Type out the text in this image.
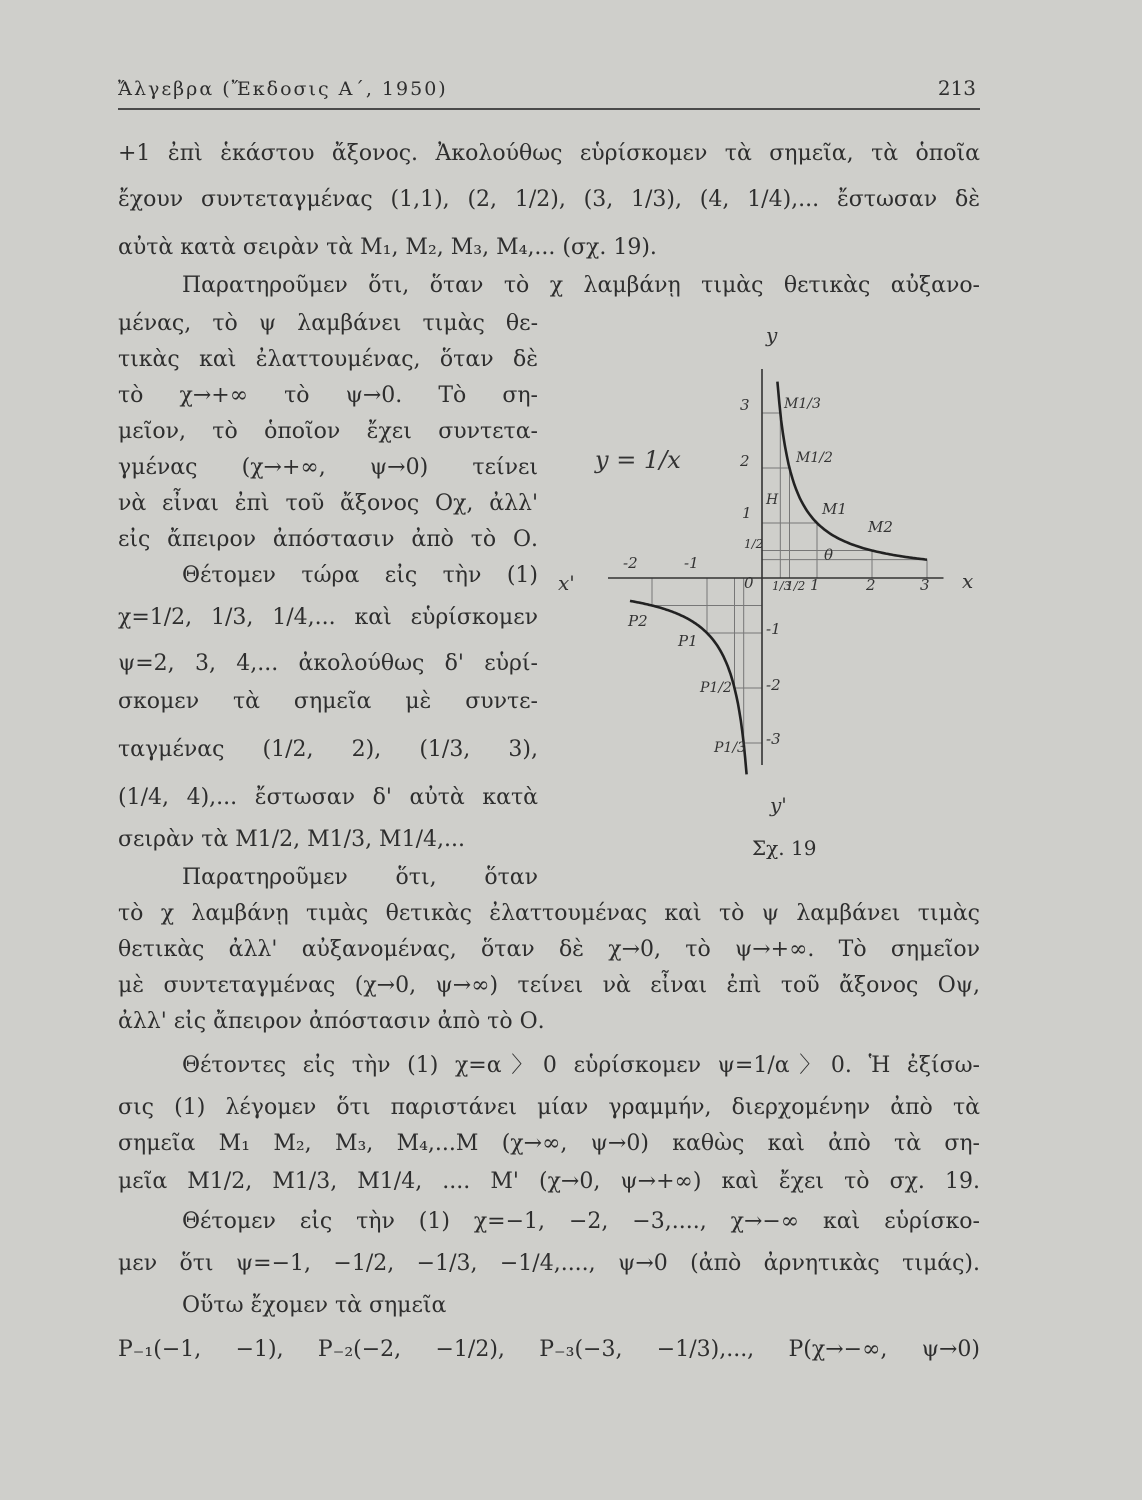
Ἄλγεβρα (Ἔκδοσις Α΄, 1950)	213
+1 ἐπὶ ἑκάστου ἄξονος. Ἀκολούθως εὑρίσκομεν τὰ σημεῖα, τὰ ὁποῖα
ἔχουν συντεταγμένας (1,1), (2, 1/2), (3, 1/3), (4, 1/4),... ἔστωσαν δὲ
αὐτὰ κατὰ σειρὰν τὰ M₁, M₂, M₃, M₄,... (σχ. 19).
Παρατηροῦμεν ὅτι, ὅταν τὸ χ λαμβάνῃ τιμὰς θετικὰς αὐξανο-
μένας, τὸ ψ λαμβάνει τιμὰς θε-
τικὰς καὶ ἐλαττουμένας, ὅταν δὲ
τὸ χ→+∞ τὸ ψ→0. Τὸ ση-
μεῖον, τὸ ὁποῖον ἔχει συντετα-
γμένας (χ→+∞, ψ→0) τείνει
νὰ εἶναι ἐπὶ τοῦ ἄξονος Οχ, ἀλλ'
εἰς ἄπειρον ἀπόστασιν ἀπὸ τὸ Ο.
Θέτομεν τώρα εἰς τὴν (1)
χ=1/2, 1/3, 1/4,... καὶ εὑρίσκομεν
ψ=2, 3, 4,... ἀκολούθως δ' εὑρί-
σκομεν τὰ σημεῖα μὲ συντε-
ταγμένας (1/2, 2), (1/3, 3),
(1/4, 4),... ἔστωσαν δ' αὐτὰ κατὰ
σειρὰν τὰ M1/2, M1/3, M1/4,...
Παρατηροῦμεν ὅτι, ὅταν
τὸ χ λαμβάνῃ τιμὰς θετικὰς ἐλαττουμένας καὶ τὸ ψ λαμβάνει τιμὰς
θετικὰς ἀλλ' αὐξανομένας, ὅταν δὲ χ→0, τὸ ψ→+∞. Τὸ σημεῖον
μὲ συντεταγμένας (χ→0, ψ→∞) τείνει νὰ εἶναι ἐπὶ τοῦ ἄξονος Οψ,
ἀλλ' εἰς ἄπειρον ἀπόστασιν ἀπὸ τὸ Ο.
Θέτοντες εἰς τὴν (1) χ=α〉0 εὑρίσκομεν ψ=1/α〉0. Ἡ ἐξίσω-
σις (1) λέγομεν ὅτι παριστάνει μίαν γραμμήν, διερχομένην ἀπὸ τὰ
σημεῖα M₁ M₂, M₃, M₄,...M (χ→∞, ψ→0) καθὼς καὶ ἀπὸ τὰ ση-
μεῖα M1/2, M1/3, M1/4, .... M' (χ→0, ψ→+∞) καὶ ἔχει τὸ σχ. 19.
Θέτομεν εἰς τὴν (1) χ=−1, −2, −3,...., χ→−∞ καὶ εὑρίσκο-
μεν ὅτι ψ=−1, −1/2, −1/3, −1/4,...., ψ→0 (ἀπὸ ἀρνητικὰς τιμάς).
Οὕτω ἔχομεν τὰ σημεῖα
P₋₁(−1, −1), P₋₂(−2, −1/2), P₋₃(−3, −1/3),..., P(χ→−∞, ψ→0)
y = 1/x
x
x'
y
y'
0
-2	-1
1/3
1/2 1	2	3
3
2
1
1/2
-1
-2
-3
M1/3
M1/2
M1
M2
H
θ
P2
P1
P1/2
P1/3
Σχ. 19
